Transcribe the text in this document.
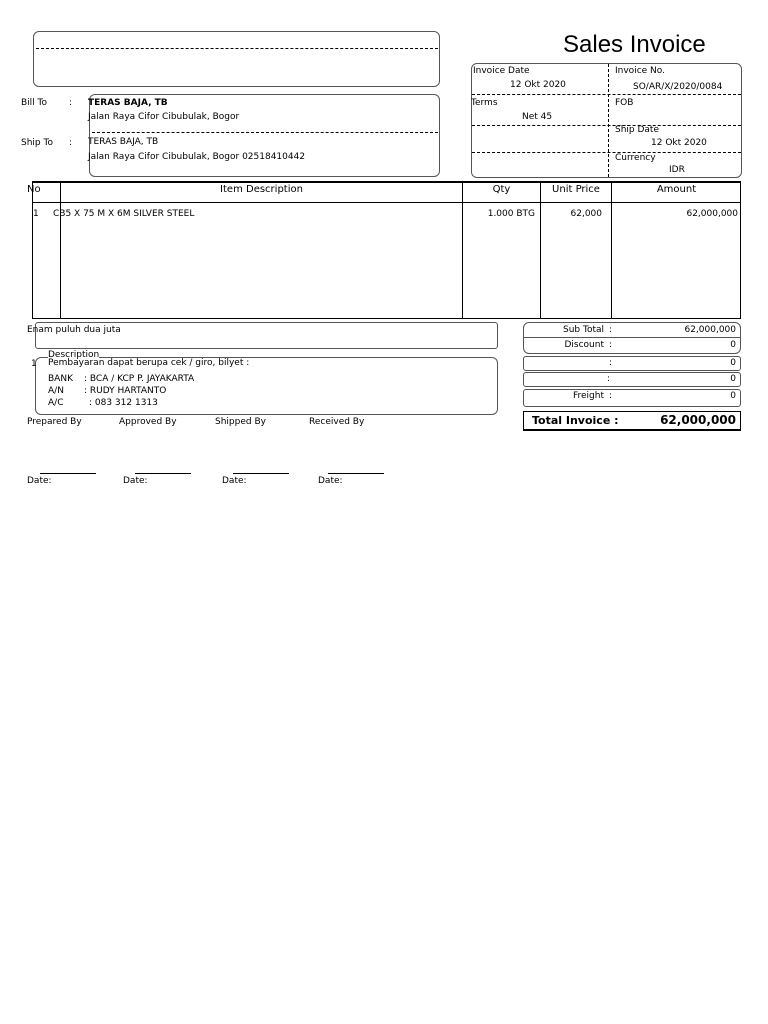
Sales Invoice
Bill To : TERAS BAJA, TB
Jalan Raya Cifor Cibubulak, Bogor
Ship To : TERAS BAJA, TB
Jalan Raya Cifor Cibubulak, Bogor 02518410442
Invoice Date
12 Okt 2020
Invoice No.
SO/AR/X/2020/0084
Terms
Net 45
FOB
Ship Date
12 Okt 2020
Currency
IDR
No	Item Description	Qty	Unit Price	Amount
1 CB5 X 75 M X 6M SILVER STEEL	1.000 BTG	62,000	62,000,000
Enam puluh dua juta
Description
1 Pembayaran dapat berupa cek / giro, bilyet :
BANK : BCA / KCP P. JAYAKARTA
A/N : RUDY HARTANTO
A/C	: 083 312 1313
Sub Total :	62,000,000
Discount :	0
:	0
:	0
Freight :	0
Total Invoice :	62,000,000
Prepared By	Approved By	Shipped By	Received By
Date:	Date:	Date:	Date:
